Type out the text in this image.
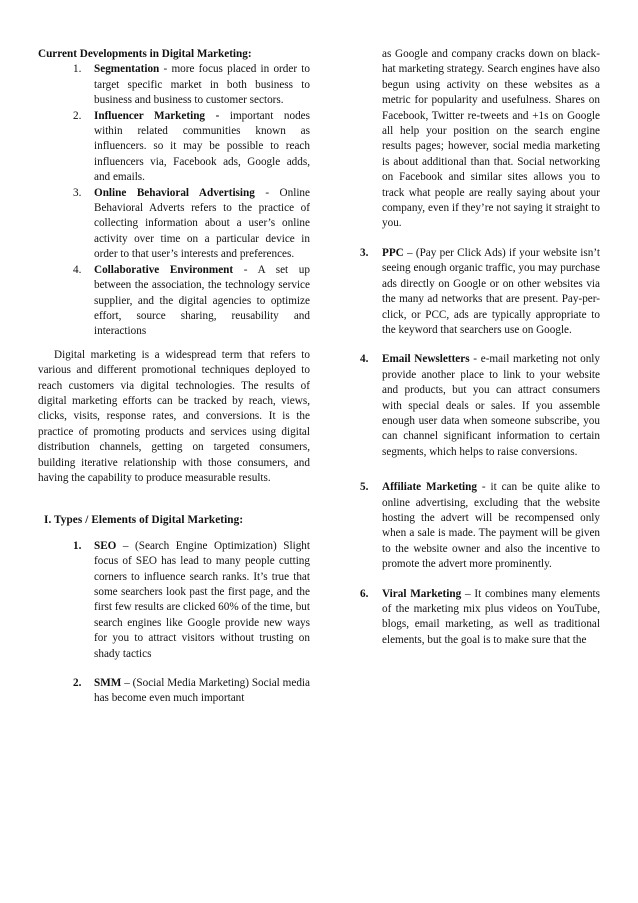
Current Developments in Digital Marketing:
1. Segmentation - more focus placed in order to target specific market in both business to business and business to customer sectors.
2. Influencer Marketing - important nodes within related communities known as influencers. so it may be possible to reach influencers via, Facebook ads, Google adds, and emails.
3. Online Behavioral Advertising - Online Behavioral Adverts refers to the practice of collecting information about a user’s online activity over time on a particular device in order to that user’s interests and preferences.
4. Collaborative Environment - A set up between the association, the technology service supplier, and the digital agencies to optimize effort, source sharing, reusability and interactions

Digital marketing is a widespread term that refers to various and different promotional techniques deployed to reach customers via digital technologies. The results of digital marketing efforts can be tracked by reach, views, clicks, visits, response rates, and conversions. It is the practice of promoting products and services using digital distribution channels, getting on targeted consumers, building iterative relationship with those consumers, and having the capability to produce measurable results.

I. Types / Elements of Digital Marketing:
1. SEO – (Search Engine Optimization) Slight focus of SEO has lead to many people cutting corners to influence search ranks. It’s true that some searchers look past the first page, and the first few results are clicked 60% of the time, but search engines like Google provide new ways for you to attract visitors without trusting on shady tactics
2. SMM – (Social Media Marketing) Social media has become even much important

as Google and company cracks down on black-hat marketing strategy. Search engines have also begun using activity on these websites as a metric for popularity and usefulness. Shares on Facebook, Twitter re-tweets and +1s on Google all help your position on the search engine results pages; however, social media marketing is about additional than that. Social networking on Facebook and similar sites allows you to track what people are really saying about your company, even if they’re not saying it straight to you.

3. PPC – (Pay per Click Ads) if your website isn’t seeing enough organic traffic, you may purchase ads directly on Google or on other websites via the many ad networks that are present. Pay-per-click, or PCC, ads are typically appropriate to the keyword that searchers use on Google.
4. Email Newsletters - e-mail marketing not only provide another place to link to your website and products, but you can attract consumers with special deals or sales. If you assemble enough user data when someone subscribe, you can channel significant information to certain segments, which helps to raise conversions.
5. Affiliate Marketing - it can be quite alike to online advertising, excluding that the website hosting the advert will be recompensed only when a sale is made. The payment will be given to the website owner and also the incentive to promote the advert more prominently.
6. Viral Marketing – It combines many elements of the marketing mix plus videos on YouTube, blogs, email marketing, as well as traditional elements, but the goal is to make sure that the
